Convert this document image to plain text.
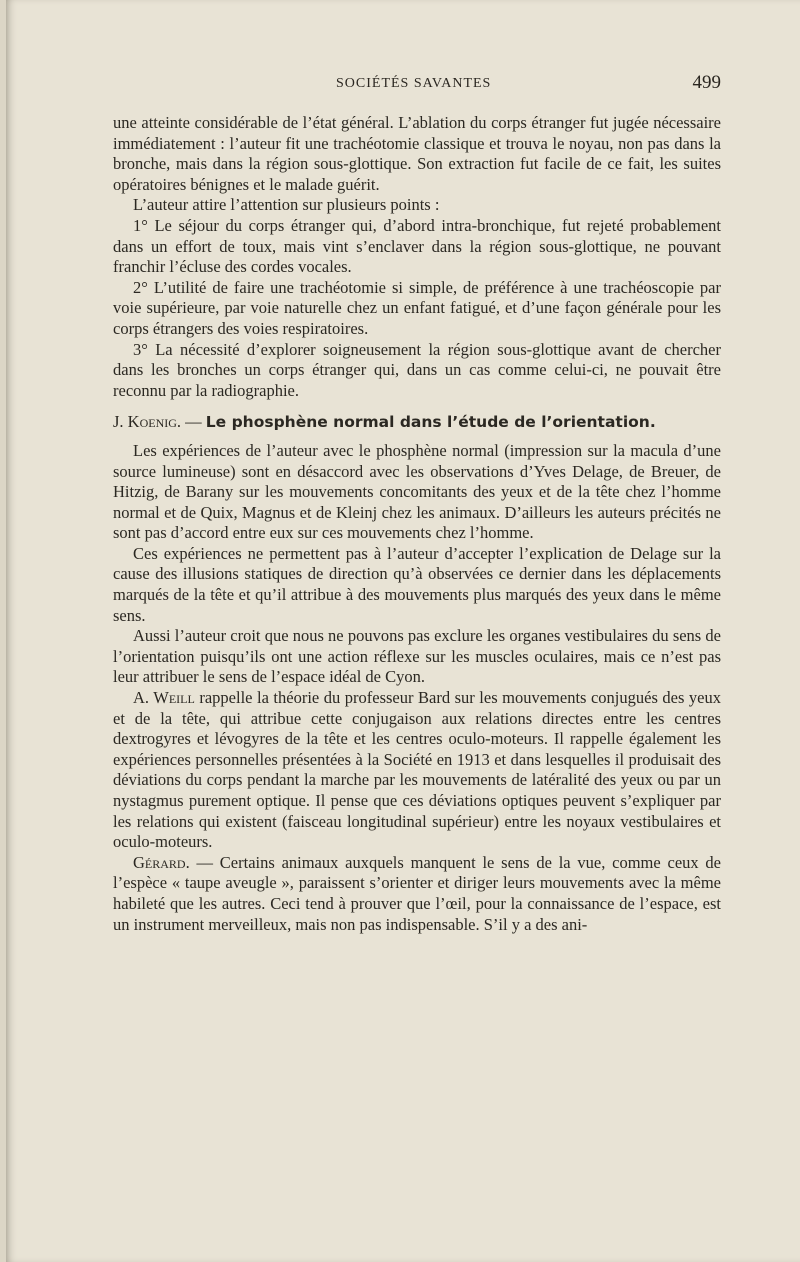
SOCIÉTÉS SAVANTES	499

une atteinte considérable de l’état général. L’ablation du corps étranger fut jugée nécessaire immédiatement : l’auteur fit une trachéotomie classique et trouva le noyau, non pas dans la bronche, mais dans la région sous-glottique. Son extraction fut facile de ce fait, les suites opératoires bénignes et le malade guérit.

L’auteur attire l’attention sur plusieurs points :

1° Le séjour du corps étranger qui, d’abord intra-bronchique, fut rejeté probablement dans un effort de toux, mais vint s’enclaver dans la région sous-glottique, ne pouvant franchir l’écluse des cordes vocales.

2° L’utilité de faire une trachéotomie si simple, de préférence à une trachéoscopie par voie supérieure, par voie naturelle chez un enfant fatigué, et d’une façon générale pour les corps étrangers des voies respiratoires.

3° La nécessité d’explorer soigneusement la région sous-glottique avant de chercher dans les bronches un corps étranger qui, dans un cas comme celui-ci, ne pouvait être reconnu par la radiographie.

J. Koenig. — Le phosphène normal dans l’étude de l’orientation.

Les expériences de l’auteur avec le phosphène normal (impression sur la macula d’une source lumineuse) sont en désaccord avec les observations d’Yves Delage, de Breuer, de Hitzig, de Barany sur les mouvements concomitants des yeux et de la tête chez l’homme normal et de Quix, Magnus et de Kleinj chez les animaux. D’ailleurs les auteurs précités ne sont pas d’accord entre eux sur ces mouvements chez l’homme.

Ces expériences ne permettent pas à l’auteur d’accepter l’explication de Delage sur la cause des illusions statiques de direction qu’à observées ce dernier dans les déplacements marqués de la tête et qu’il attribue à des mouvements plus marqués des yeux dans le même sens.

Aussi l’auteur croit que nous ne pouvons pas exclure les organes vestibulaires du sens de l’orientation puisqu’ils ont une action réflexe sur les muscles oculaires, mais ce n’est pas leur attribuer le sens de l’espace idéal de Cyon.

A. Weill rappelle la théorie du professeur Bard sur les mouvements conjugués des yeux et de la tête, qui attribue cette conjugaison aux relations directes entre les centres dextrogyres et lévogyres de la tête et les centres oculo-moteurs. Il rappelle également les expériences personnelles présentées à la Société en 1913 et dans lesquelles il produisait des déviations du corps pendant la marche par les mouvements de latéralité des yeux ou par un nystagmus purement optique. Il pense que ces déviations optiques peuvent s’expliquer par les relations qui existent (faisceau longitudinal supérieur) entre les noyaux vestibulaires et oculo-moteurs.

Gérard. — Certains animaux auxquels manquent le sens de la vue, comme ceux de l’espèce « taupe aveugle », paraissent s’orienter et diriger leurs mouvements avec la même habileté que les autres. Ceci tend à prouver que l’œil, pour la connaissance de l’espace, est un instrument merveilleux, mais non pas indispensable. S’il y a des ani-
